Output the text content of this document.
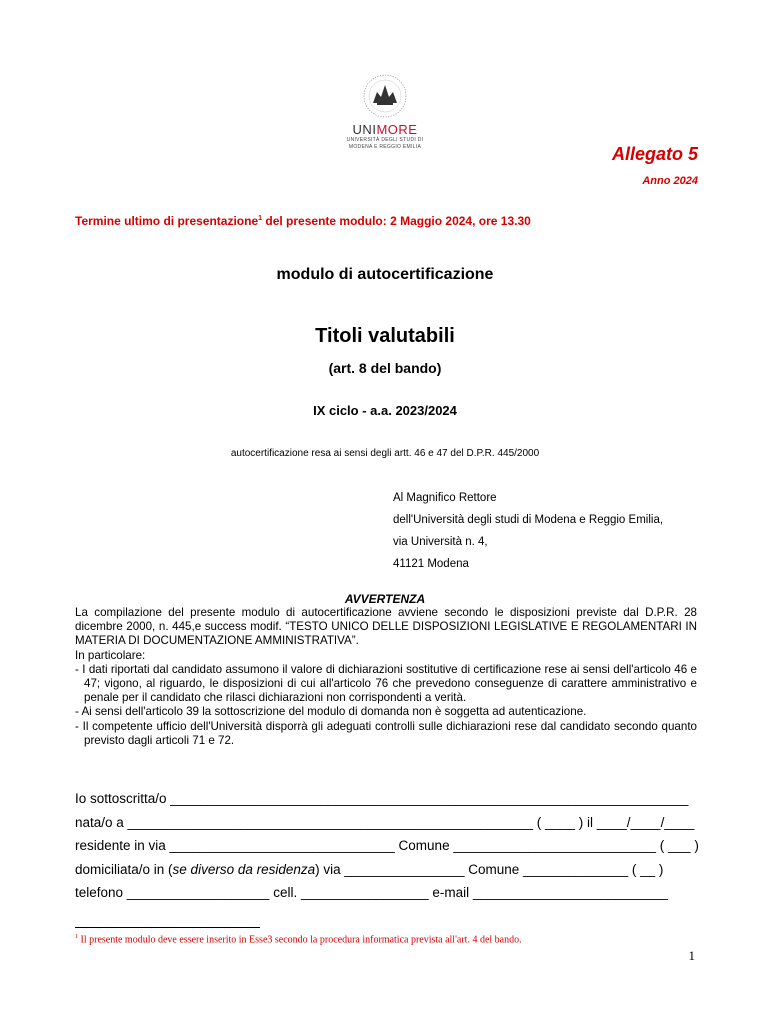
UNIMORE
UNIVERSITÀ DEGLI STUDI DI
MODENA E REGGIO EMILIA	Allegato 5
Anno 2024
Termine ultimo di presentazione$^1$ del presente modulo: 2 Maggio 2024, ore 13.30
modulo di autocertificazione
Titoli valutabili
(art. 8 del bando)
IX ciclo - a.a. 2023/2024
autocertificazione resa ai sensi degli artt. 46 e 47 del D.P.R. 445/2000
Al Magnifico Rettore
dell'Università degli studi di Modena e Reggio Emilia,
via Università n. 4,
41121 Modena
AVVERTENZA

La compilazione del presente modulo di autocertificazione avviene secondo le disposizioni previste dal D.P.R. 28 dicembre 2000, n. 445,e success modif. “TESTO UNICO DELLE DISPOSIZIONI LEGISLATIVE E REGOLAMENTARI IN MATERIA DI DOCUMENTAZIONE AMMINISTRATIVA”.

In particolare:

- I dati riportati dal candidato assumono il valore di dichiarazioni sostitutive di certificazione rese ai sensi dell'articolo 46 e 47; vigono, al riguardo, le disposizioni di cui all'articolo 76 che prevedono conseguenze di carattere amministrativo e penale per il candidato che rilasci dichiarazioni non corrispondenti a verità.

- Ai sensi dell'articolo 39 la sottoscrizione del modulo di domanda non è soggetta ad autenticazione.

- Il competente ufficio dell'Università disporrà gli adeguati controlli sulle dichiarazioni rese dal candidato secondo quanto previsto dagli articoli 71 e 72.

Io sottoscritta/o _____________________________________________________________________
nata/o a ______________________________________________________ ( ____ ) il ____/____/____
residente in via ______________________________ Comune ___________________________ ( ___ )
domiciliata/o in ( se diverso da residenza ) via ________________ Comune ______________ ( __ )
telefono ___________________ cell. _________________ e-mail __________________________
$^1$ Il presente modulo deve essere inserito in Esse3 secondo la procedura informatica prevista all'art. 4 del bando.
1
